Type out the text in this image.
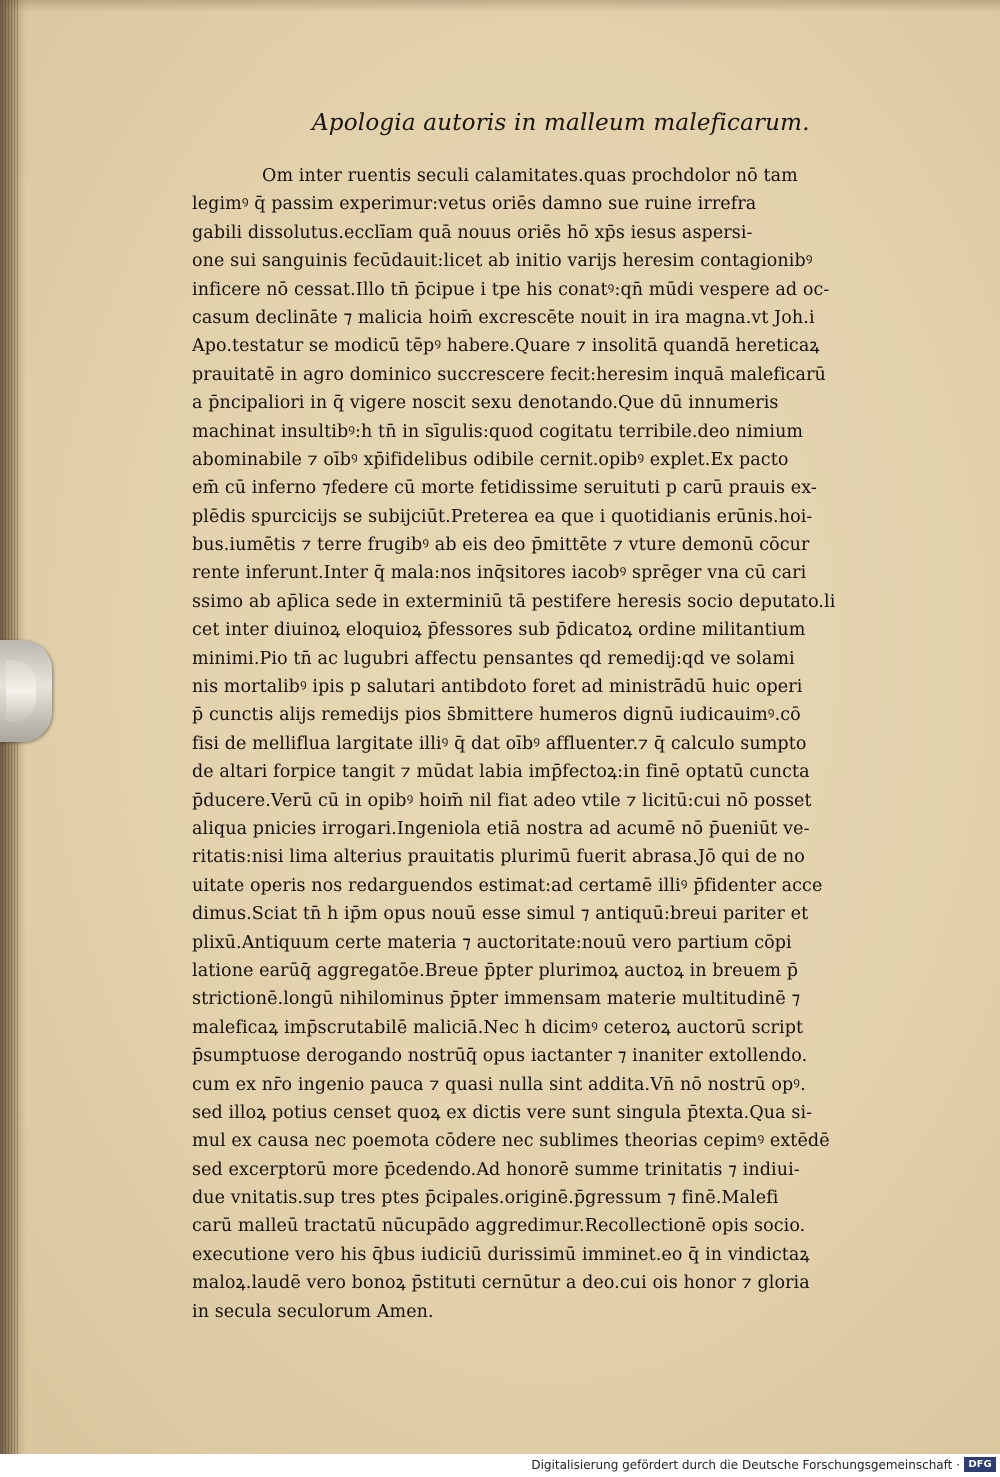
Apologia autoris in malleum maleficarum.
Om inter ruentis seculi calamitates.quas prochdolor nō tam
legimꝰ q̄ passim experimur:vetus oriēs damno sue ruine irrefra
gabili dissolutus.ecclīam quā nouus oriēs hō xp̄s iesus aspersi-
one sui sanguinis fecūdauit:licet ab initio varijs heresim contagionibꝰ
inficere nō cessat.Illo tn̄ p̄cipue i tpe his conatꝰ:qn̄ mūdi vespere ad oc-
casum declināte ⁊ malicia hoim̄ excrescēte nouit in ira magna.vt Joh.i
Apo.testatur se modicū tēpꝰ habere.Quare ⁊ insolitā quandā hereticaꝝ
prauitatē in agro dominico succrescere fecit:heresim inquā maleficarū
a p̄ncipaliori in q̄ vigere noscit sexu denotando.Que dū innumeris
machinat insultibꝰ:h tn̄ in sīgulis:quod cogitatu terribile.deo nimium
abominabile ⁊ oībꝰ xp̄ifidelibus odibile cernit.opibꝰ explet.Ex pacto
em̄ cū inferno ⁊federe cū morte fetidissime seruituti p carū prauis ex-
plēdis spurcicijs se subijciūt.Preterea ea que i quotidianis erūnis.hoi-
bus.iumētis ⁊ terre frugibꝰ ab eis deo p̄mittēte ⁊ vture demonū cōcur
rente inferunt.Inter q̄ mala:nos inq̄sitores iacobꝰ sprēger vna cū cari
ssimo ab ap̄lica sede in exterminiū tā pestifere heresis socio deputato.li
cet inter diuinoꝝ eloquioꝝ p̄fessores sub p̄dicatoꝝ ordine militantium
minimi.Pio tn̄ ac lugubri affectu pensantes qd remedij:qd ve solami
nis mortalibꝰ ipis p salutari antibdoto foret ad ministrādū huic operi
p̄ cunctis alijs remedijs pios s̄bmittere humeros dignū iudicauimꝰ.cō
fisi de melliflua largitate illiꝰ q̄ dat oībꝰ affluenter.⁊ q̄ calculo sumpto
de altari forpice tangit ⁊ mūdat labia imp̄fectoꝝ:in finē optatū cuncta
p̄ducere.Verū cū in opibꝰ hoim̄ nil fiat adeo vtile ⁊ licitū:cui nō posset
aliqua pnicies irrogari.Ingeniola etiā nostra ad acumē nō p̄ueniūt ve-
ritatis:nisi lima alterius prauitatis plurimū fuerit abrasa.Jō qui de no
uitate operis nos redarguendos estimat:ad certamē illiꝰ p̄fidenter acce
dimus.Sciat tn̄ h ip̄m opus nouū esse simul ⁊ antiquū:breui pariter et
plixū.Antiquum certe materia ⁊ auctoritate:nouū vero partium cōpi
latione earūq̄ aggregatōe.Breue p̄pter plurimoꝝ auctoꝝ in breuem p̄
strictionē.longū nihilominus p̄pter immensam materie multitudinē ⁊
maleficaꝝ imp̄scrutabilē maliciā.Nec h dicimꝰ ceteroꝝ auctorū script
p̄sumptuose derogando nostrūq̄ opus iactanter ⁊ inaniter extollendo.
cum ex nr̄o ingenio pauca ⁊ quasi nulla sint addita.Vn̄ nō nostrū opꝰ.
sed illoꝝ potius censet quoꝝ ex dictis vere sunt singula p̄texta.Qua si-
mul ex causa nec poemota cōdere nec sublimes theorias cepimꝰ extēdē
sed excerptorū more p̄cedendo.Ad honorē summe trinitatis ⁊ indiui-
due vnitatis.sup tres ptes p̄cipales.originē.p̄gressum ⁊ finē.Malefi
carū malleū tractatū nūcupādo aggredimur.Recollectionē opis socio.
executione vero his q̄bus iudiciū durissimū imminet.eo q̄ in vindictaꝝ
maloꝝ.laudē vero bonoꝝ p̄stituti cernūtur a deo.cui ois honor ⁊ gloria
in secula seculorum Amen.
Digitalisierung gefördert durch die Deutsche Forschungsgemeinschaft · DFG
